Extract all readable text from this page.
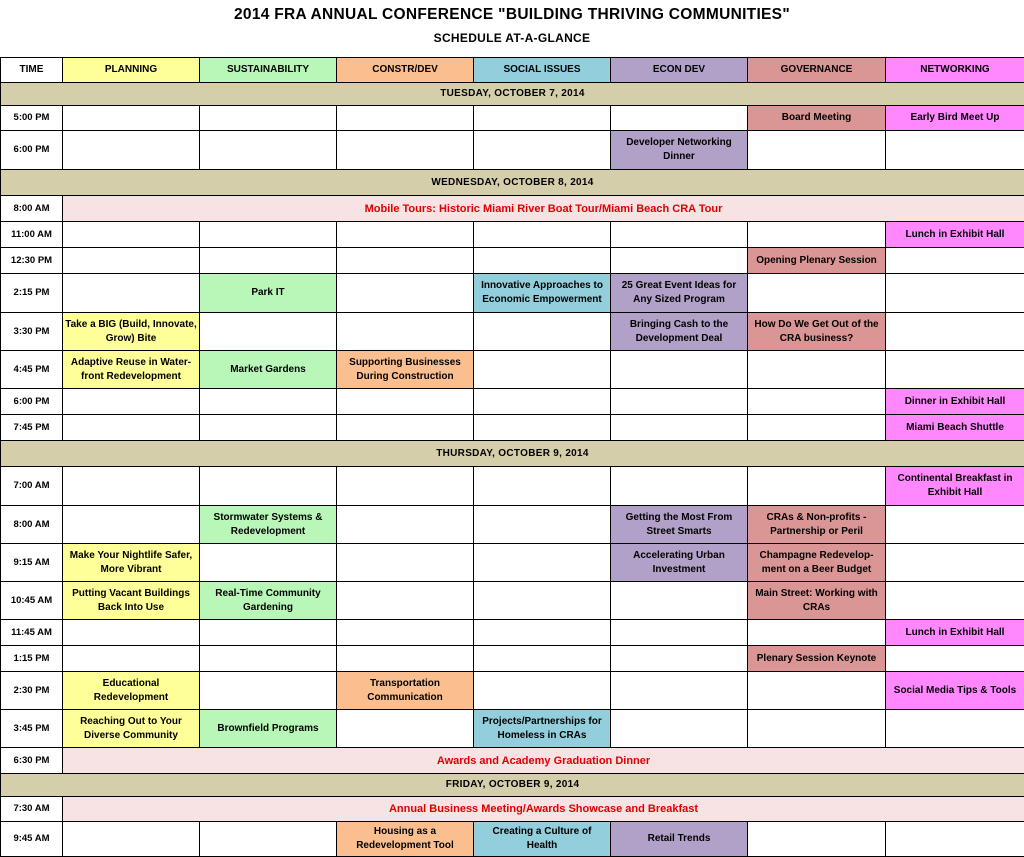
2014 FRA ANNUAL CONFERENCE "BUILDING THRIVING COMMUNITIES"
SCHEDULE AT-A-GLANCE
TIME	PLANNING	SUSTAINABILITY	CONSTR/DEV	SOCIAL ISSUES	ECON DEV	GOVERNANCE	NETWORKING
TUESDAY, OCTOBER 7, 2014							
5:00 PM						Board Meeting	Early Bird Meet Up
6:00 PM					Developer Networking Dinner		
WEDNESDAY, OCTOBER 8, 2014							
8:00 AM	Mobile Tours: Historic Miami River Boat Tour/Miami Beach CRA Tour						
11:00 AM							Lunch in Exhibit Hall
12:30 PM						Opening Plenary Session	
2:15 PM		Park IT		Innovative Approaches to Economic Empowerment	25 Great Event Ideas for Any Sized Program		
3:30 PM	Take a BIG (Build, Innovate, Grow) Bite				Bringing Cash to the Development Deal	How Do We Get Out of the CRA business?	
4:45 PM	Adaptive Reuse in Water-front Redevelopment	Market Gardens	Supporting Businesses During Construction				
6:00 PM							Dinner in Exhibit Hall
7:45 PM							Miami Beach Shuttle
THURSDAY, OCTOBER 9, 2014							
7:00 AM							Continental Breakfast in Exhibit Hall
8:00 AM		Stormwater Systems & Redevelopment			Getting the Most From Street Smarts	CRAs & Non-profits - Partnership or Peril	
9:15 AM	Make Your Nightlife Safer, More Vibrant				Accelerating Urban Investment	Champagne Redevelop-ment on a Beer Budget	
10:45 AM	Putting Vacant Buildings Back Into Use	Real-Time Community Gardening				Main Street: Working with CRAs	
11:45 AM							Lunch in Exhibit Hall
1:15 PM						Plenary Session Keynote	
2:30 PM	Educational Redevelopment		Transportation Communication				Social Media Tips & Tools
3:45 PM	Reaching Out to Your Diverse Community	Brownfield Programs		Projects/Partnerships for Homeless in CRAs			
6:30 PM	Awards and Academy Graduation Dinner						
FRIDAY, OCTOBER 9, 2014							
7:30 AM	Annual Business Meeting/Awards Showcase and Breakfast						
9:45 AM			Housing as a Redevelopment Tool	Creating a Culture of Health	Retail Trends		
